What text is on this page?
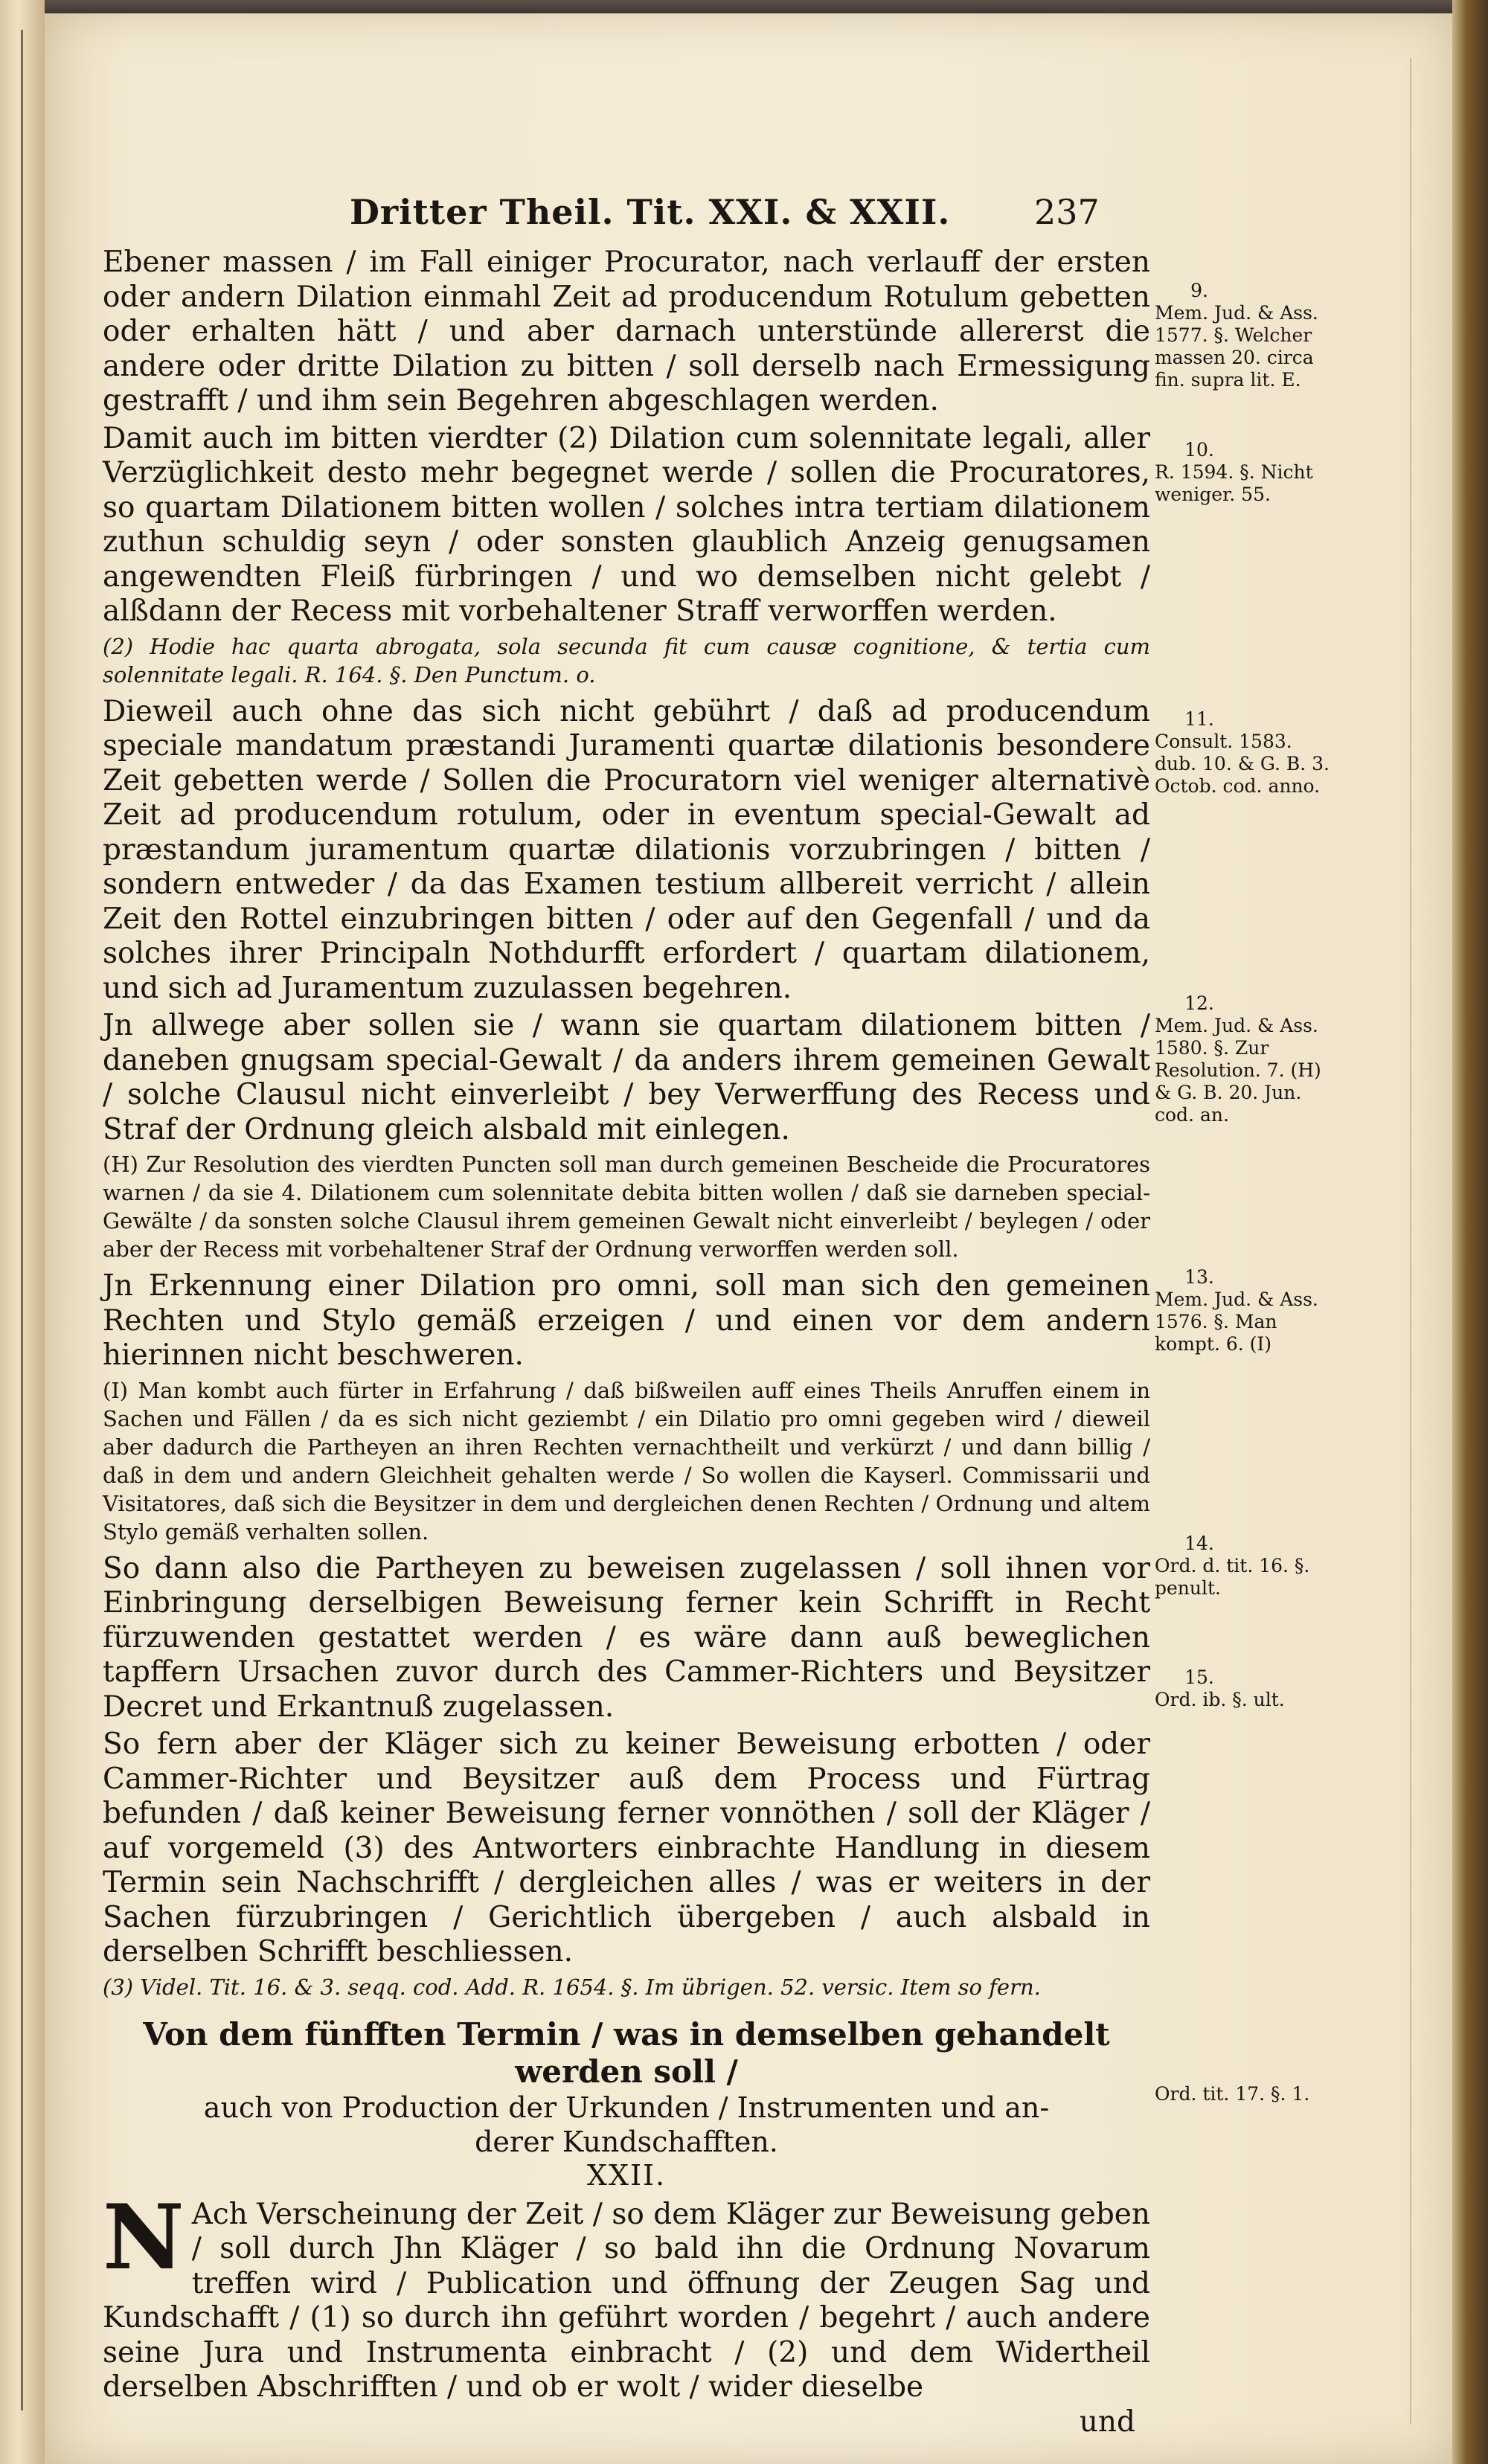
Dritter Theil. Tit. XXI. & XXII. 237

Ebener massen / im Fall einiger Procurator, nach verlauff der ersten oder andern Dilation einmahl Zeit ad producendum Rotulum gebetten oder erhalten hätt / und aber darnach unterstünde allererst die andere oder dritte Dilation zu bitten / soll derselb nach Ermessigung gestrafft / und ihm sein Begehren abgeschlagen werden.

Damit auch im bitten vierdter (2) Dilation cum solennitate legali, aller Verzüglichkeit desto mehr begegnet werde / sollen die Procuratores, so quartam Dilationem bitten wollen / solches intra tertiam dilationem zuthun schuldig seyn / oder sonsten glaublich Anzeig genugsamen angewendten Fleiß fürbringen / und wo demselben nicht gelebt / alßdann der Recess mit vorbehaltener Straff verworffen werden.

(2) Hodie hac quarta abrogata, sola secunda fit cum causæ cognitione, & tertia cum solennitate legali. R. 164. §. Den Punctum. o.

Dieweil auch ohne das sich nicht gebührt / daß ad producendum speciale mandatum præstandi Juramenti quartæ dilationis besondere Zeit gebetten werde / Sollen die Procuratorn viel weniger alternativè Zeit ad producendum rotulum, oder in eventum special-Gewalt ad præstandum juramentum quartæ dilationis vorzubringen / bitten / sondern entweder / da das Examen testium allbereit verricht / allein Zeit den Rottel einzubringen bitten / oder auf den Gegenfall / und da solches ihrer Principaln Nothdurfft erfordert / quartam dilationem, und sich ad Juramentum zuzulassen begehren.

Jn allwege aber sollen sie / wann sie quartam dilationem bitten / daneben gnugsam special-Gewalt / da anders ihrem gemeinen Gewalt / solche Clausul nicht einverleibt / bey Verwerffung des Recess und Straf der Ordnung gleich alsbald mit einlegen.

(H) Zur Resolution des vierdten Puncten soll man durch gemeinen Bescheide die Procuratores warnen / da sie 4. Dilationem cum solennitate debita bitten wollen / daß sie darneben special-Gewälte / da sonsten solche Clausul ihrem gemeinen Gewalt nicht einverleibt / beylegen / oder aber der Recess mit vorbehaltener Straf der Ordnung verworffen werden soll.

Jn Erkennung einer Dilation pro omni, soll man sich den gemeinen Rechten und Stylo gemäß erzeigen / und einen vor dem andern hierinnen nicht beschweren.

(I) Man kombt auch fürter in Erfahrung / daß bißweilen auff eines Theils Anruffen einem in Sachen und Fällen / da es sich nicht geziembt / ein Dilatio pro omni gegeben wird / dieweil aber dadurch die Partheyen an ihren Rechten vernachtheilt und verkürzt / und dann billig / daß in dem und andern Gleichheit gehalten werde / So wollen die Kayserl. Commissarii und Visitatores, daß sich die Beysitzer in dem und dergleichen denen Rechten / Ordnung und altem Stylo gemäß verhalten sollen.

So dann also die Partheyen zu beweisen zugelassen / soll ihnen vor Einbringung derselbigen Beweisung ferner kein Schrifft in Recht fürzuwenden gestattet werden / es wäre dann auß beweglichen tapffern Ursachen zuvor durch des Cammer-Richters und Beysitzer Decret und Erkantnuß zugelassen.

So fern aber der Kläger sich zu keiner Beweisung erbotten / oder Cammer-Richter und Beysitzer auß dem Process und Fürtrag befunden / daß keiner Beweisung ferner vonnöthen / soll der Kläger / auf vorgemeld (3) des Antworters einbrachte Handlung in diesem Termin sein Nachschrifft / dergleichen alles / was er weiters in der Sachen fürzubringen / Gerichtlich übergeben / auch alsbald in derselben Schrifft beschliessen.

(3) Videl. Tit. 16. & 3. seqq. cod. Add. R. 1654. §. Im übrigen. 52. versic. Item so fern.

Von dem fünfften Termin / was in demselben gehandelt werden soll /

auch von Production der Urkunden / Instrumenten und an-

derer Kundschafften.

XXII.

N Ach Verscheinung der Zeit / so dem Kläger zur Beweisung geben / soll durch Jhn Kläger / so bald ihn die Ordnung Novarum treffen wird / Publication und öffnung der Zeugen Sag und Kundschafft / (1) so durch ihn geführt worden / begehrt / auch andere seine Jura und Instrumenta einbracht / (2) und dem Widertheil derselben Abschrifften / und ob er wolt / wider dieselbe

und

9.
Mem. Jud. & Ass. 1577. §. Welcher massen 20. circa fin. supra lit. E.
10.
R. 1594. §. Nicht weniger. 55.
11.
Consult. 1583. dub. 10. & G. B. 3. Octob. cod. anno.
12.
Mem. Jud. & Ass. 1580. §. Zur Resolution. 7. (H) & G. B. 20. Jun. cod. an.
13.
Mem. Jud. & Ass. 1576. §. Man kompt. 6. (I)
14.
Ord. d. tit. 16. §. penult.
15.
Ord. ib. §. ult.
Ord. tit. 17. §. 1.
